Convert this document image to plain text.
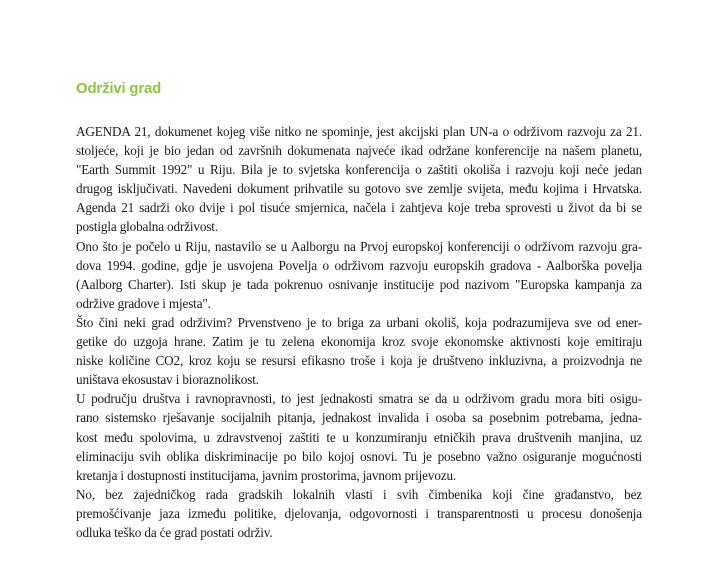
Održivi grad

AGENDA 21, dokumenet kojeg više nitko ne spominje, jest akcijski plan UN-a o održivom razvoju za 21.
stoljeće, koji je bio jedan od završnih dokumenata najveće ikad održane konferencije na našem planetu,
"Earth Summit 1992" u Riju. Bila je to svjetska konferencija o zaštiti okoliša i razvoju koji neće jedan
drugog isključivati. Navedeni dokument prihvatile su gotovo sve zemlje svijeta, među kojima i Hrvatska.
Agenda 21 sadrži oko dvije i pol tisuće smjernica, načela i zahtjeva koje treba sprovesti u život da bi se
postigla globalna održivost.

Ono što je počelo u Riju, nastavilo se u Aalborgu na Prvoj europskoj konferenciji o održivom razvoju gra-
dova 1994. godine, gdje je usvojena Povelja o održivom razvoju europskih gradova - Aalborška povelja
(Aalborg Charter). Isti skup je tada pokrenuo osnivanje institucije pod nazivom "Europska kampanja za
održive gradove i mjesta".

Što čini neki grad održivim? Prvenstveno je to briga za urbani okoliš, koja podrazumijeva sve od ener-
getike do uzgoja hrane. Zatim je tu zelena ekonomija kroz svoje ekonomske aktivnosti koje emitiraju
niske količine CO2, kroz koju se resursi efikasno troše i koja je društveno inkluzivna, a proizvodnja ne
uništava ekosustav i bioraznolikost.

U području društva i ravnopravnosti, to jest jednakosti smatra se da u održivom gradu mora biti osigu-
rano sistemsko rješavanje socijalnih pitanja, jednakost invalida i osoba sa posebnim potrebama, jedna-
kost među spolovima, u zdravstvenoj zaštiti te u konzumiranju etničkih prava društvenih manjina, uz
eliminaciju svih oblika diskriminacije po bilo kojoj osnovi. Tu je posebno važno osiguranje mogućnosti
kretanja i dostupnosti institucijama, javnim prostorima, javnom prijevozu.

No, bez zajedničkog rada gradskih lokalnih vlasti i svih čimbenika koji čine građanstvo, bez
premošćivanje jaza između politike, djelovanja, odgovornosti i transparentnosti u procesu donošenja
odluka teško da će grad postati održiv.
